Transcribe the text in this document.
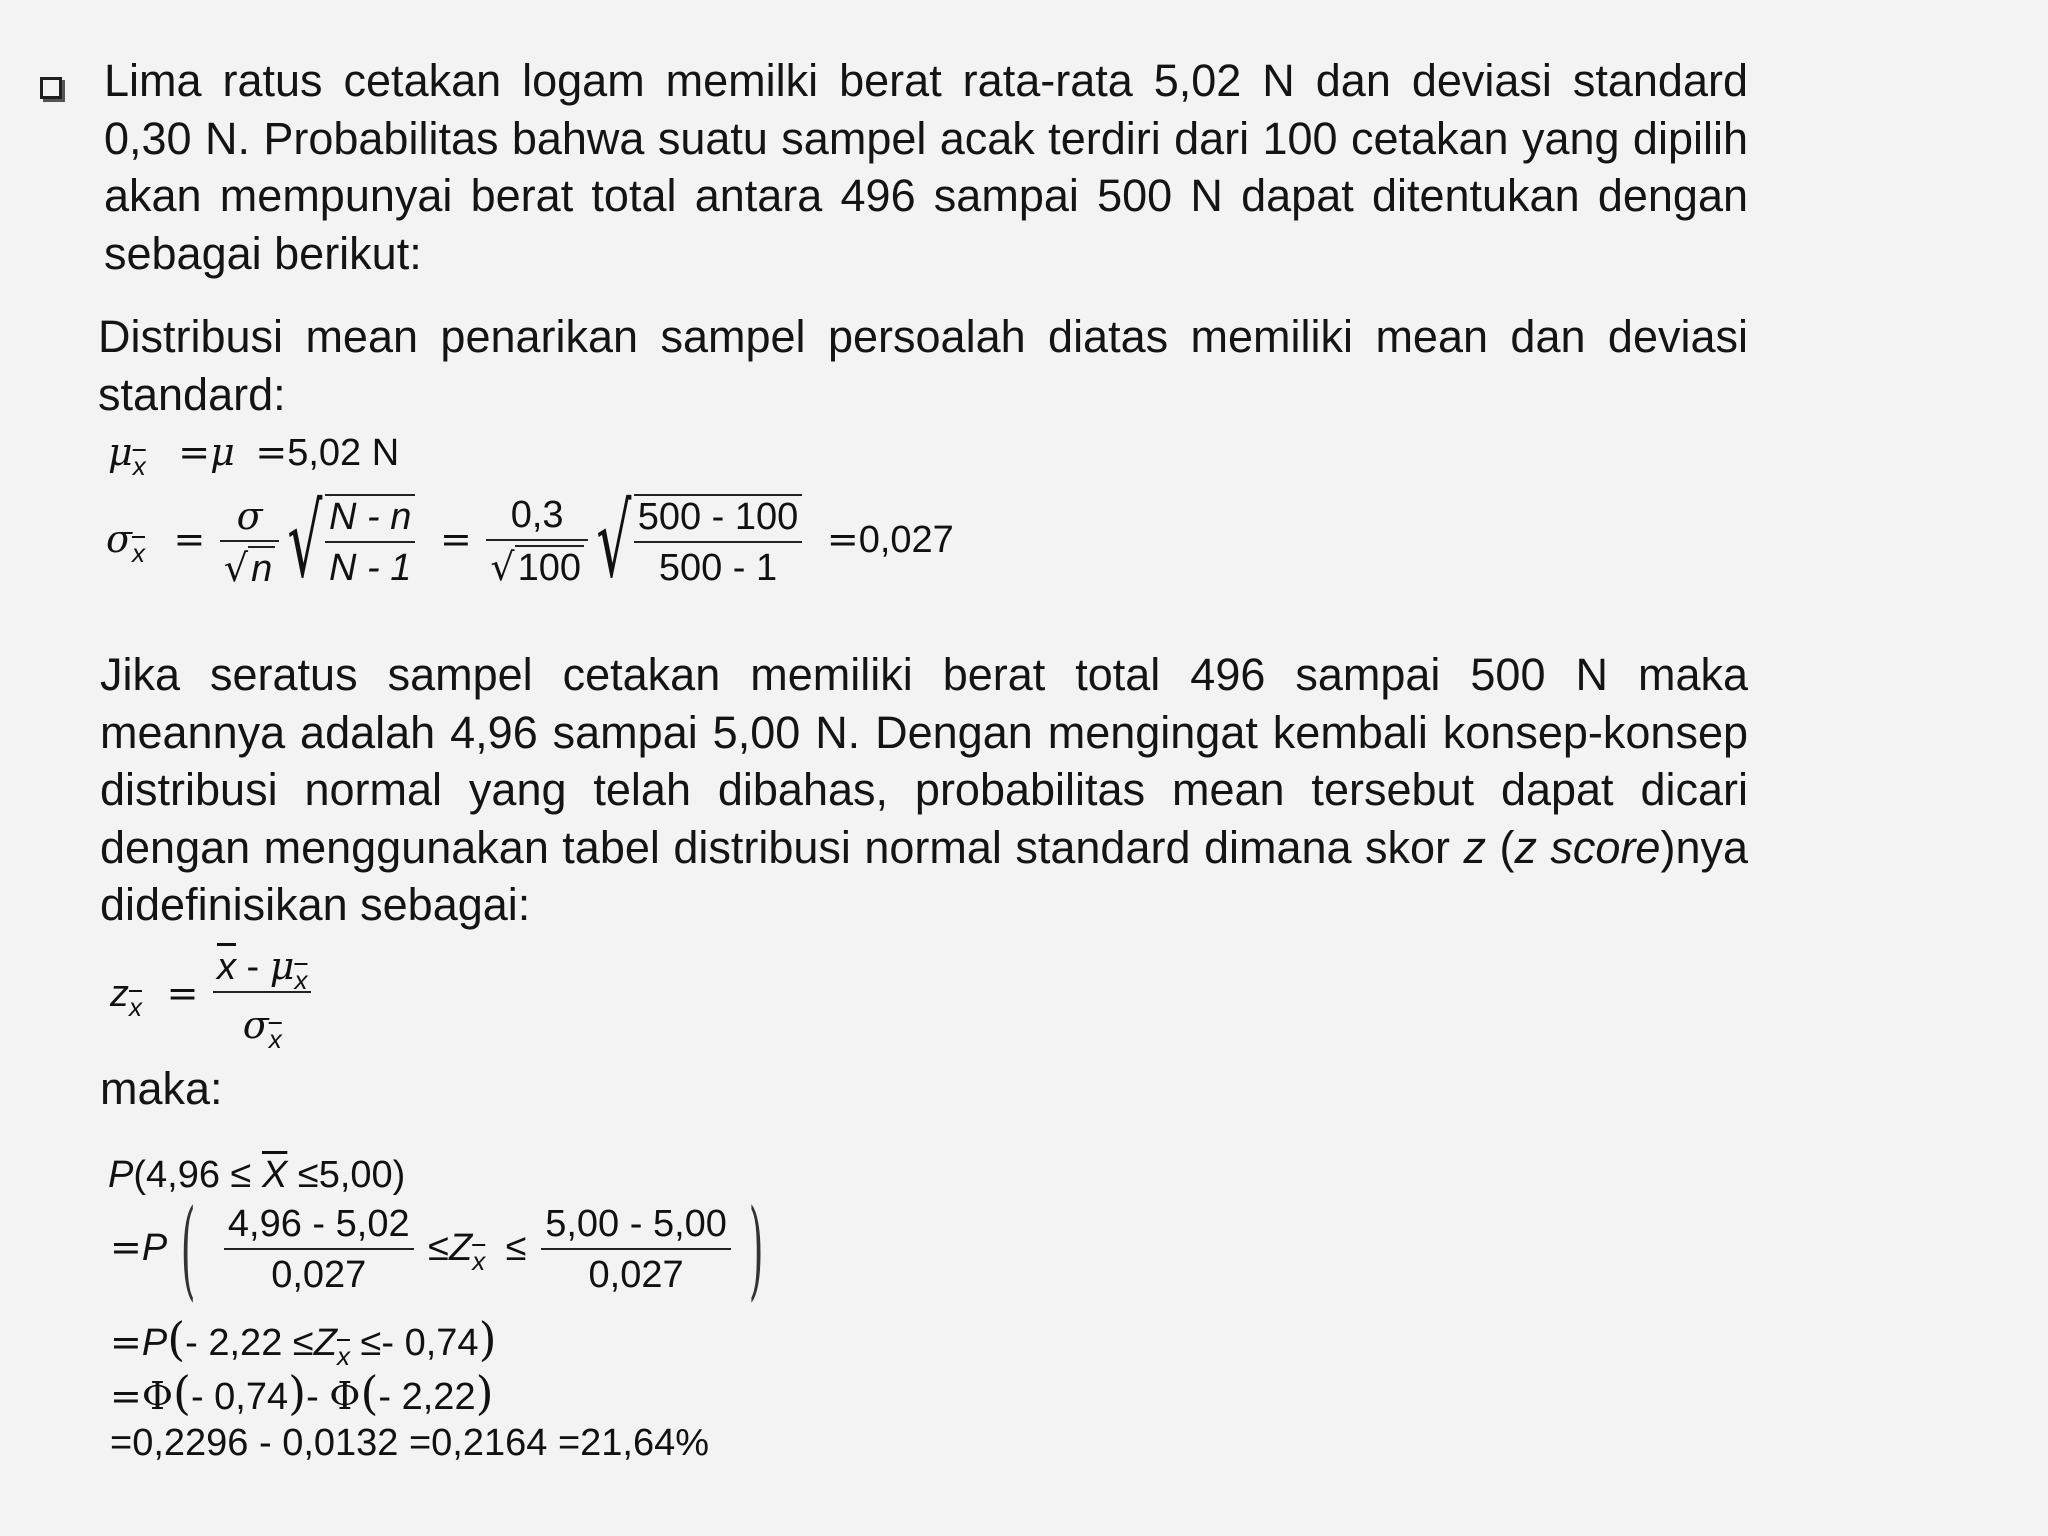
Lima ratus cetakan logam memilki berat rata-rata 5,02 N dan deviasi standard 0,30 N. Probabilitas bahwa suatu sampel acak terdiri dari 100 cetakan yang dipilih akan mempunyai berat total antara 496 sampai 500 N dapat ditentukan dengan sebagai berikut:
Distribusi mean penarikan sampel persoalah diatas memiliki mean dan deviasi standard:
$\mu_{\overline{x}} =\mu =5,02$ N
$\sigma_{\overline{x}} = \frac{\sigma}{√n}$ √ $\frac{N - n}{N - 1} = \frac{0,3}{√100}$ √ $\frac{500 - 100}{500 - 1} =0,027$
Jika seratus sampel cetakan memiliki berat total 496 sampai 500 N maka meannya adalah 4,96 sampai 5,00 N. Dengan mengingat kembali konsep-konsep distribusi normal yang telah dibahas, probabilitas mean tersebut dapat dicari dengan menggunakan tabel distribusi normal standard dimana skor z (z score)nya didefinisikan sebagai:
$z_{\overline{x}} = \frac{\overline{x} - \mu_{\overline{x}}}{\sigma_{\overline{x}}}$
maka:
$P(4,96 \le \overline{X} \le 5,00)$
=P ( $\frac{4,96 - 5,02}{0,027} \le Z_{\overline{x}} \le \frac{5,00 - 5,00}{0,027}$ )
=P(- $2,22 \le Z_{\overline{x}} \le- 0,74$)
=Φ(- 0,74)- Φ(- 2,22)
=0,2296 - 0,0132 =0,2164 =21,64%
